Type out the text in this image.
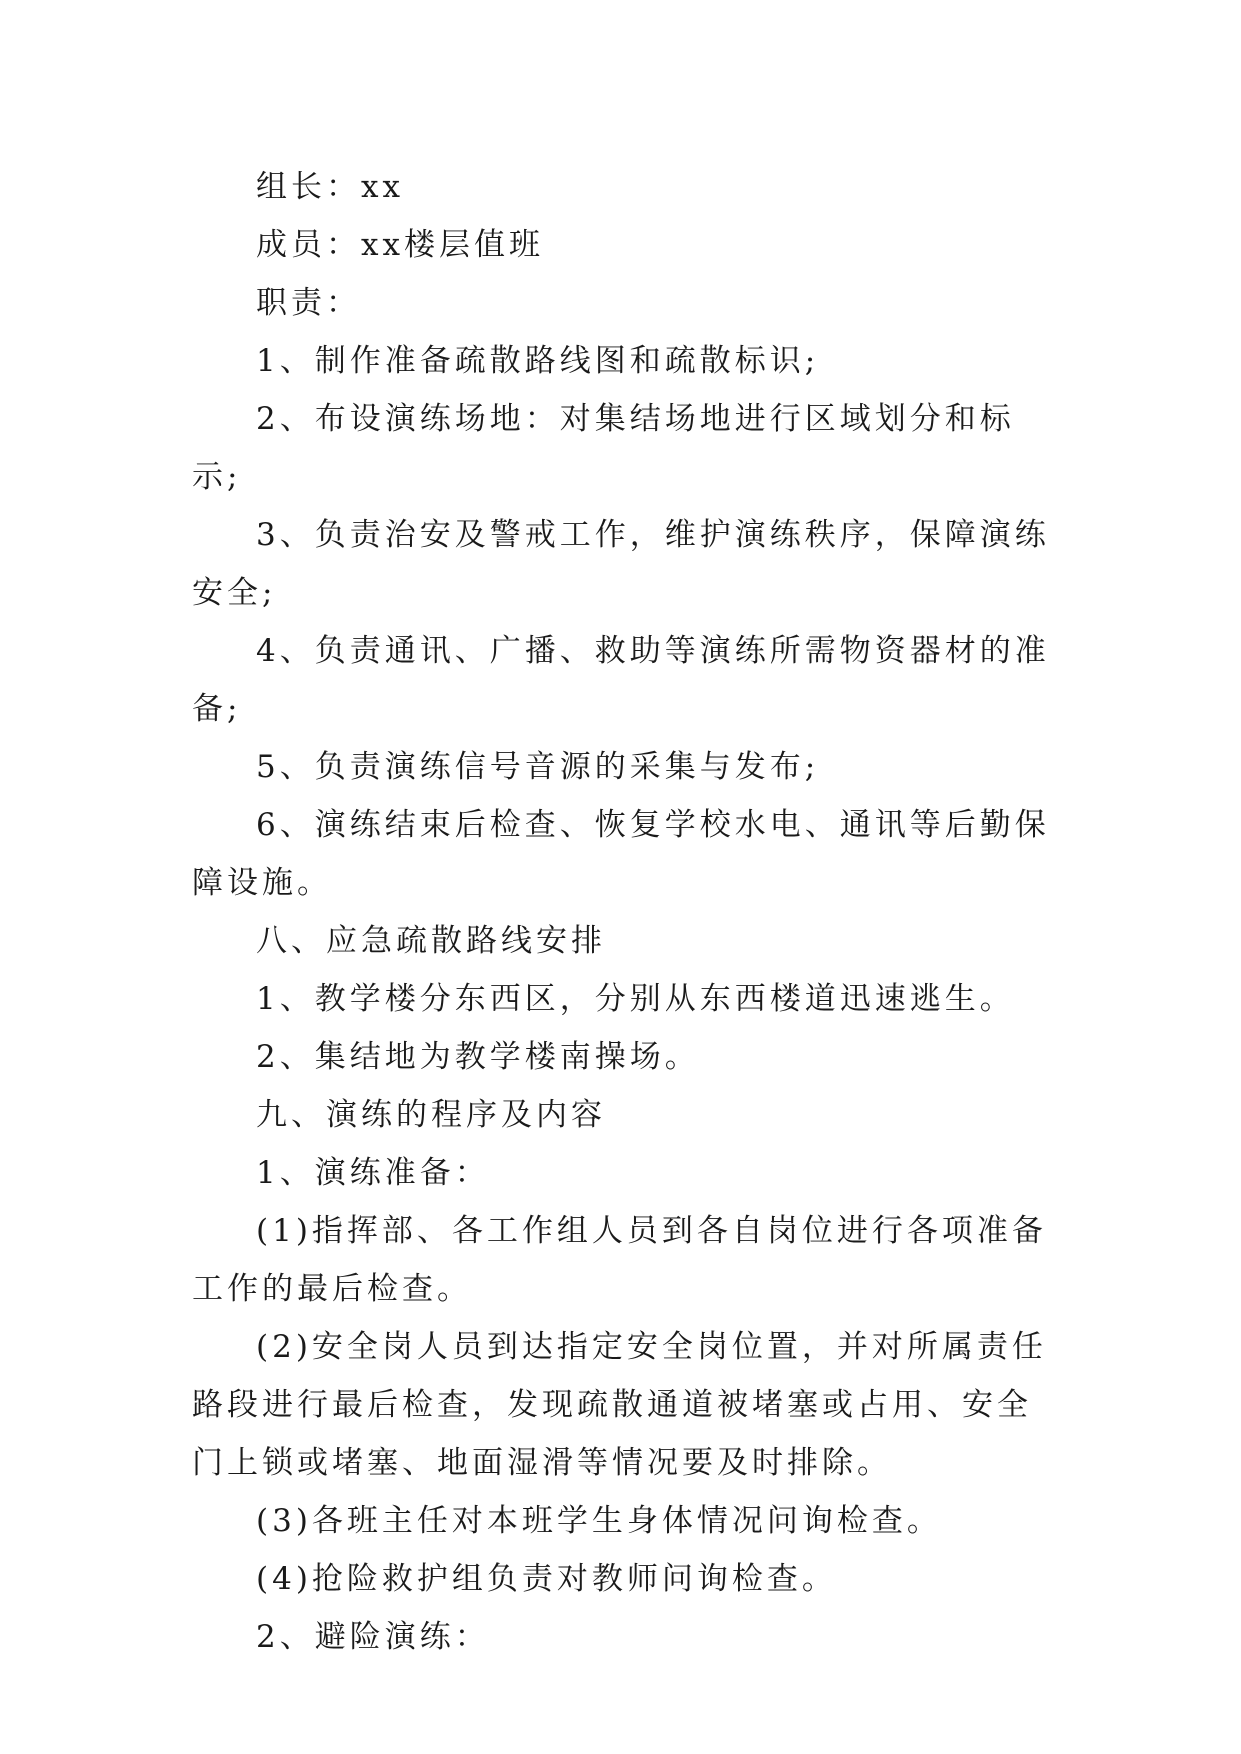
组长：xx

成员：xx楼层值班

职责：

1、制作准备疏散路线图和疏散标识;

2、布设演练场地：对集结场地进行区域划分和标示;

3、负责治安及警戒工作，维护演练秩序，保障演练安全;

4、负责通讯、广播、救助等演练所需物资器材的准备;

5、负责演练信号音源的采集与发布;

6、演练结束后检查、恢复学校水电、通讯等后勤保障设施。

八、应急疏散路线安排

1、教学楼分东西区，分别从东西楼道迅速逃生。

2、集结地为教学楼南操场。

九、演练的程序及内容

1、演练准备：

(1)指挥部、各工作组人员到各自岗位进行各项准备工作的最后检查。

(2)安全岗人员到达指定安全岗位置，并对所属责任路段进行最后检查，发现疏散通道被堵塞或占用、安全门上锁或堵塞、地面湿滑等情况要及时排除。

(3)各班主任对本班学生身体情况问询检查。

(4)抢险救护组负责对教师问询检查。

2、避险演练：
